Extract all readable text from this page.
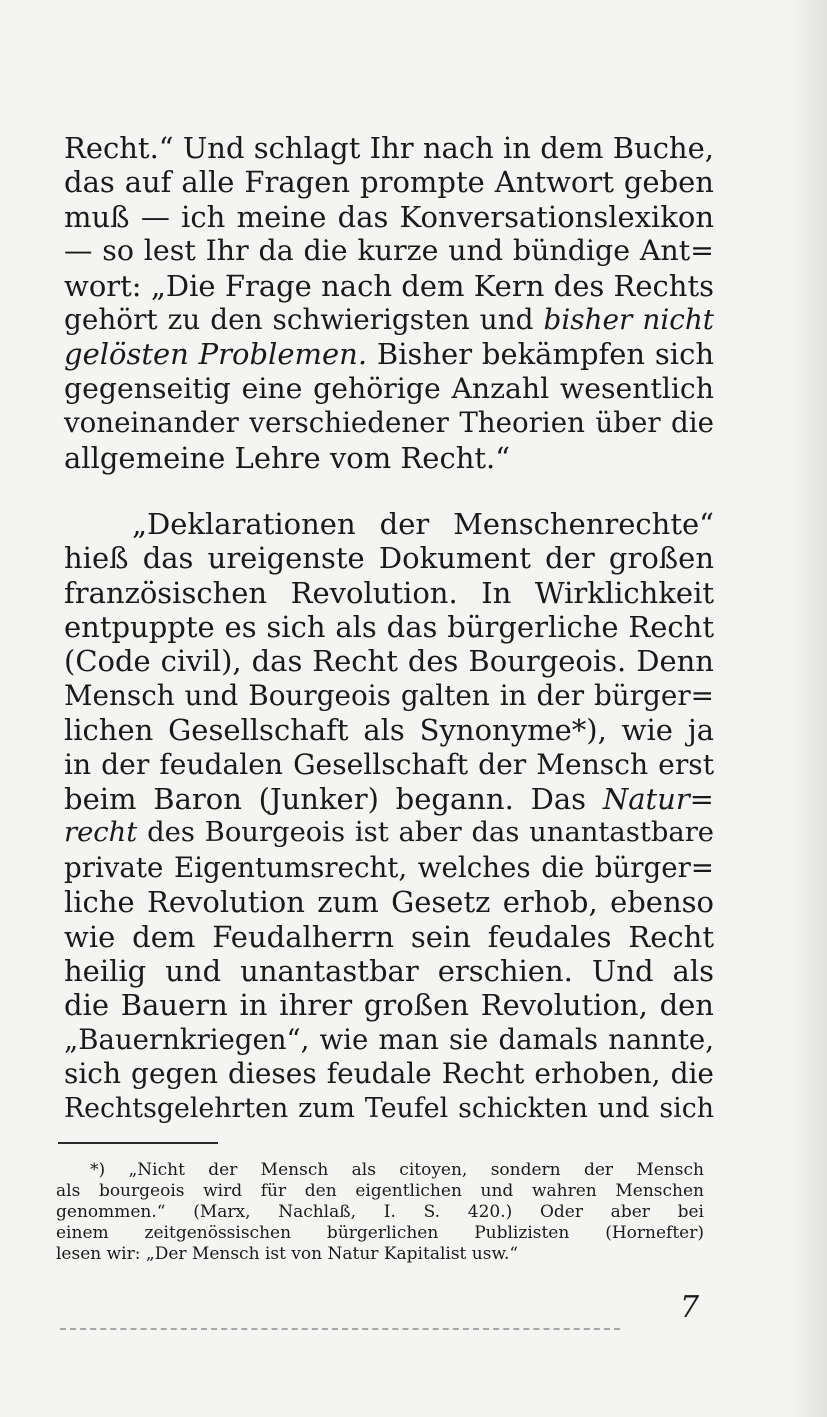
Recht.“ Und schlagt Ihr nach in dem Buche,
das auf alle Fragen prompte Antwort geben
muß — ich meine das Konversationslexikon
— so lest Ihr da die kurze und bündige Ant=
wort: „Die Frage nach dem Kern des Rechts
gehört zu den schwierigsten und bisher nicht
gelösten Problemen. Bisher bekämpfen sich
gegenseitig eine gehörige Anzahl wesentlich
voneinander verschiedener Theorien über die
allgemeine Lehre vom Recht.“
„Deklarationen der Menschenrechte“
hieß das ureigenste Dokument der großen
französischen Revolution. In Wirklichkeit
entpuppte es sich als das bürgerliche Recht
(Code civil), das Recht des Bourgeois. Denn
Mensch und Bourgeois galten in der bürger=
lichen Gesellschaft als Synonyme*), wie ja
in der feudalen Gesellschaft der Mensch erst
beim Baron (Junker) begann. Das Natur=
recht des Bourgeois ist aber das unantastbare
private Eigentumsrecht, welches die bürger=
liche Revolution zum Gesetz erhob, ebenso
wie dem Feudalherrn sein feudales Recht
heilig und unantastbar erschien. Und als
die Bauern in ihrer großen Revolution, den
„Bauernkriegen“, wie man sie damals nannte,
sich gegen dieses feudale Recht erhoben, die
Rechtsgelehrten zum Teufel schickten und sich
*) „Nicht der Mensch als citoyen, sondern der Mensch
als bourgeois wird für den eigentlichen und wahren Menschen
genommen.“ (Marx, Nachlaß, I. S. 420.) Oder aber bei
einem zeitgenössischen bürgerlichen Publizisten (Hornefter)
lesen wir: „Der Mensch ist von Natur Kapitalist usw.“
7
